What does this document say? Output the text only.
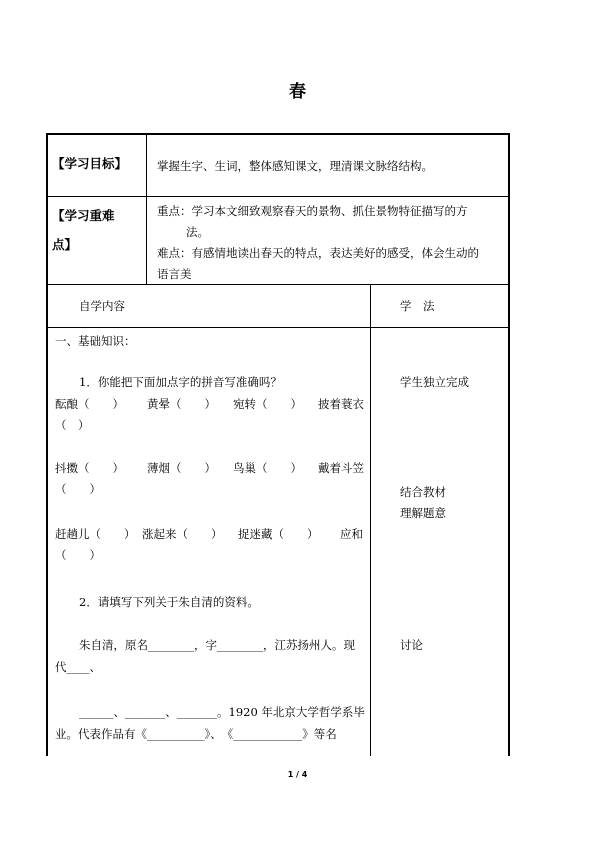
春
【学习目标】	掌握生字、生词，整体感知课文，理清课文脉络结构。
【学习重难
点】
重点：学习本文细致观察春天的景物、抓住景物特征描写的方
法。
难点：有感情地读出春天的特点，表达美好的感受，体会生动的
语言美
自学内容	学　法
一、基础知识：
1．你能把下面加点字的拼音写准确吗？
酝酿（　　） 黄晕（　　） 宛转（　　） 披着蓑衣
（　）
抖擞（　　） 薄烟（　　） 鸟巢（　　） 戴着斗笠
（　　）
赶趟儿（　　） 涨起来（　　） 捉迷藏（　　） 应和
（　　）
2．请填写下列关于朱自清的资料。
朱自清，原名________，字________，江苏扬州人。现
代____、
______、_______、_______。1920 年北京大学哲学系毕
业。代表作品有《__________》、　《____________》等名
学生独立完成
结合教材
理解题意
讨论
1 / 4
